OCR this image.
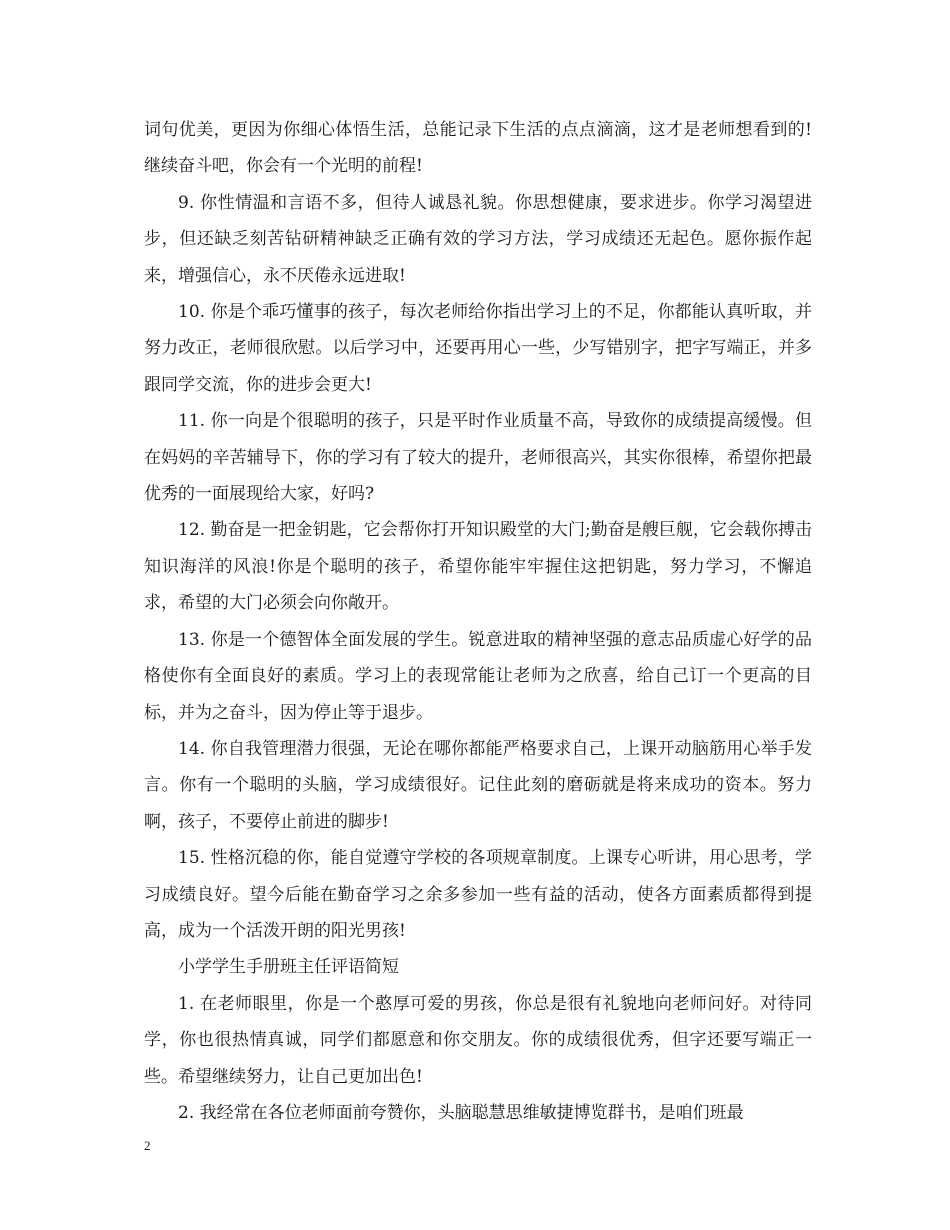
词句优美，更因为你细心体悟生活，总能记录下生活的点点滴滴，这才是老师想看到的!继续奋斗吧，你会有一个光明的前程!

9. 你性情温和言语不多，但待人诚恳礼貌。你思想健康，要求进步。你学习渴望进步，但还缺乏刻苦钻研精神缺乏正确有效的学习方法，学习成绩还无起色。愿你振作起来，增强信心，永不厌倦永远进取!

10. 你是个乖巧懂事的孩子，每次老师给你指出学习上的不足，你都能认真听取，并努力改正，老师很欣慰。以后学习中，还要再用心一些，少写错别字，把字写端正，并多跟同学交流，你的进步会更大!

11. 你一向是个很聪明的孩子，只是平时作业质量不高，导致你的成绩提高缓慢。但在妈妈的辛苦辅导下，你的学习有了较大的提升，老师很高兴，其实你很棒，希望你把最优秀的一面展现给大家，好吗?

12. 勤奋是一把金钥匙，它会帮你打开知识殿堂的大门;勤奋是艘巨舰，它会载你搏击知识海洋的风浪!你是个聪明的孩子，希望你能牢牢握住这把钥匙，努力学习，不懈追求，希望的大门必须会向你敞开。

13. 你是一个德智体全面发展的学生。锐意进取的精神坚强的意志品质虚心好学的品格使你有全面良好的素质。学习上的表现常能让老师为之欣喜，给自己订一个更高的目标，并为之奋斗，因为停止等于退步。

14. 你自我管理潜力很强，无论在哪你都能严格要求自己，上课开动脑筋用心举手发言。你有一个聪明的头脑，学习成绩很好。记住此刻的磨砺就是将来成功的资本。努力啊，孩子，不要停止前进的脚步!

15. 性格沉稳的你，能自觉遵守学校的各项规章制度。上课专心听讲，用心思考，学习成绩良好。望今后能在勤奋学习之余多参加一些有益的活动，使各方面素质都得到提高，成为一个活泼开朗的阳光男孩!

小学学生手册班主任评语简短

1. 在老师眼里，你是一个憨厚可爱的男孩，你总是很有礼貌地向老师问好。对待同学，你也很热情真诚，同学们都愿意和你交朋友。你的成绩很优秀，但字还要写端正一些。希望继续努力，让自己更加出色!

2. 我经常在各位老师面前夸赞你，头脑聪慧思维敏捷博览群书，是咱们班最

2
